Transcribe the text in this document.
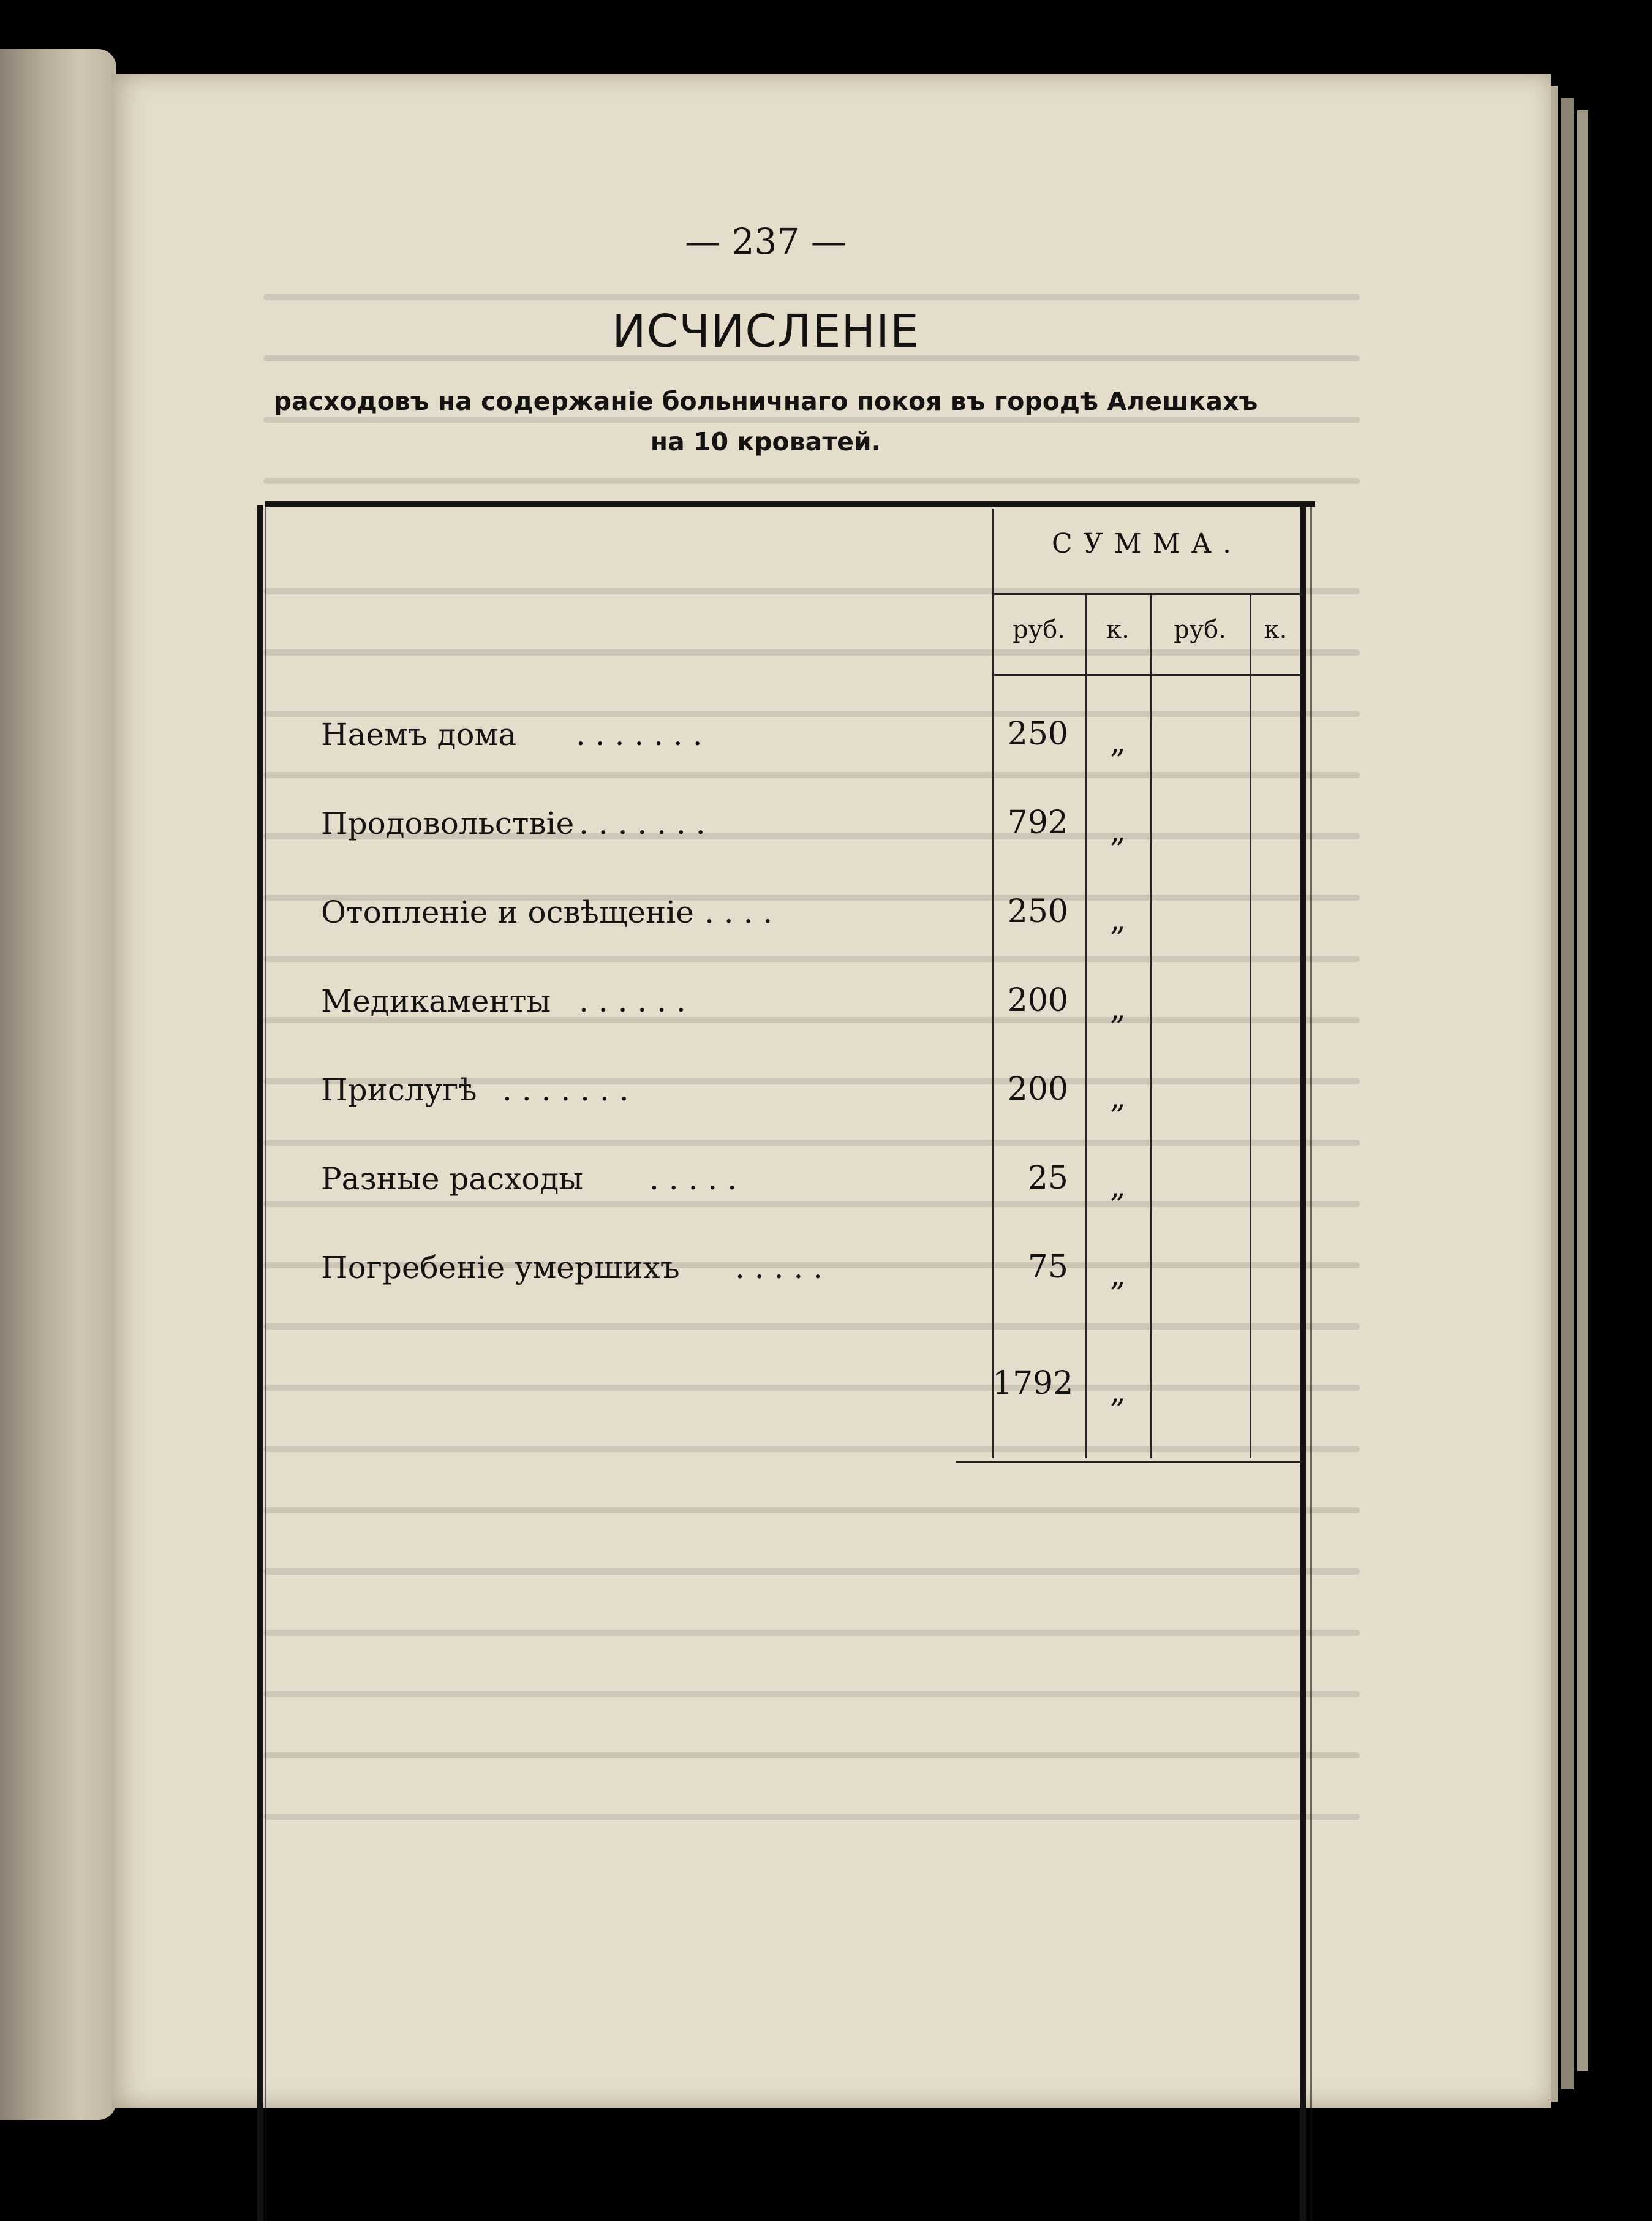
— 237 —
ИСЧИСЛЕНIЕ
расходовъ на содержанiе больничнагo покоя въ городѣ Алешкахъ
на 10 кроватей.
СУММА.
руб.	к.	руб.	к.
Наемъ дома . . . . . . .	250	„
Продовольствiе . . . . . . .	792	„
Отопленiе и освѣщенiе . . . .	250	„
Медикаменты . . . . . .	200	„
Прислугѣ . . . . . . .	200	„
Разные расходы . . . . .	25	„
Погребенiе умершихъ . . . . .	75	„
1792	„
